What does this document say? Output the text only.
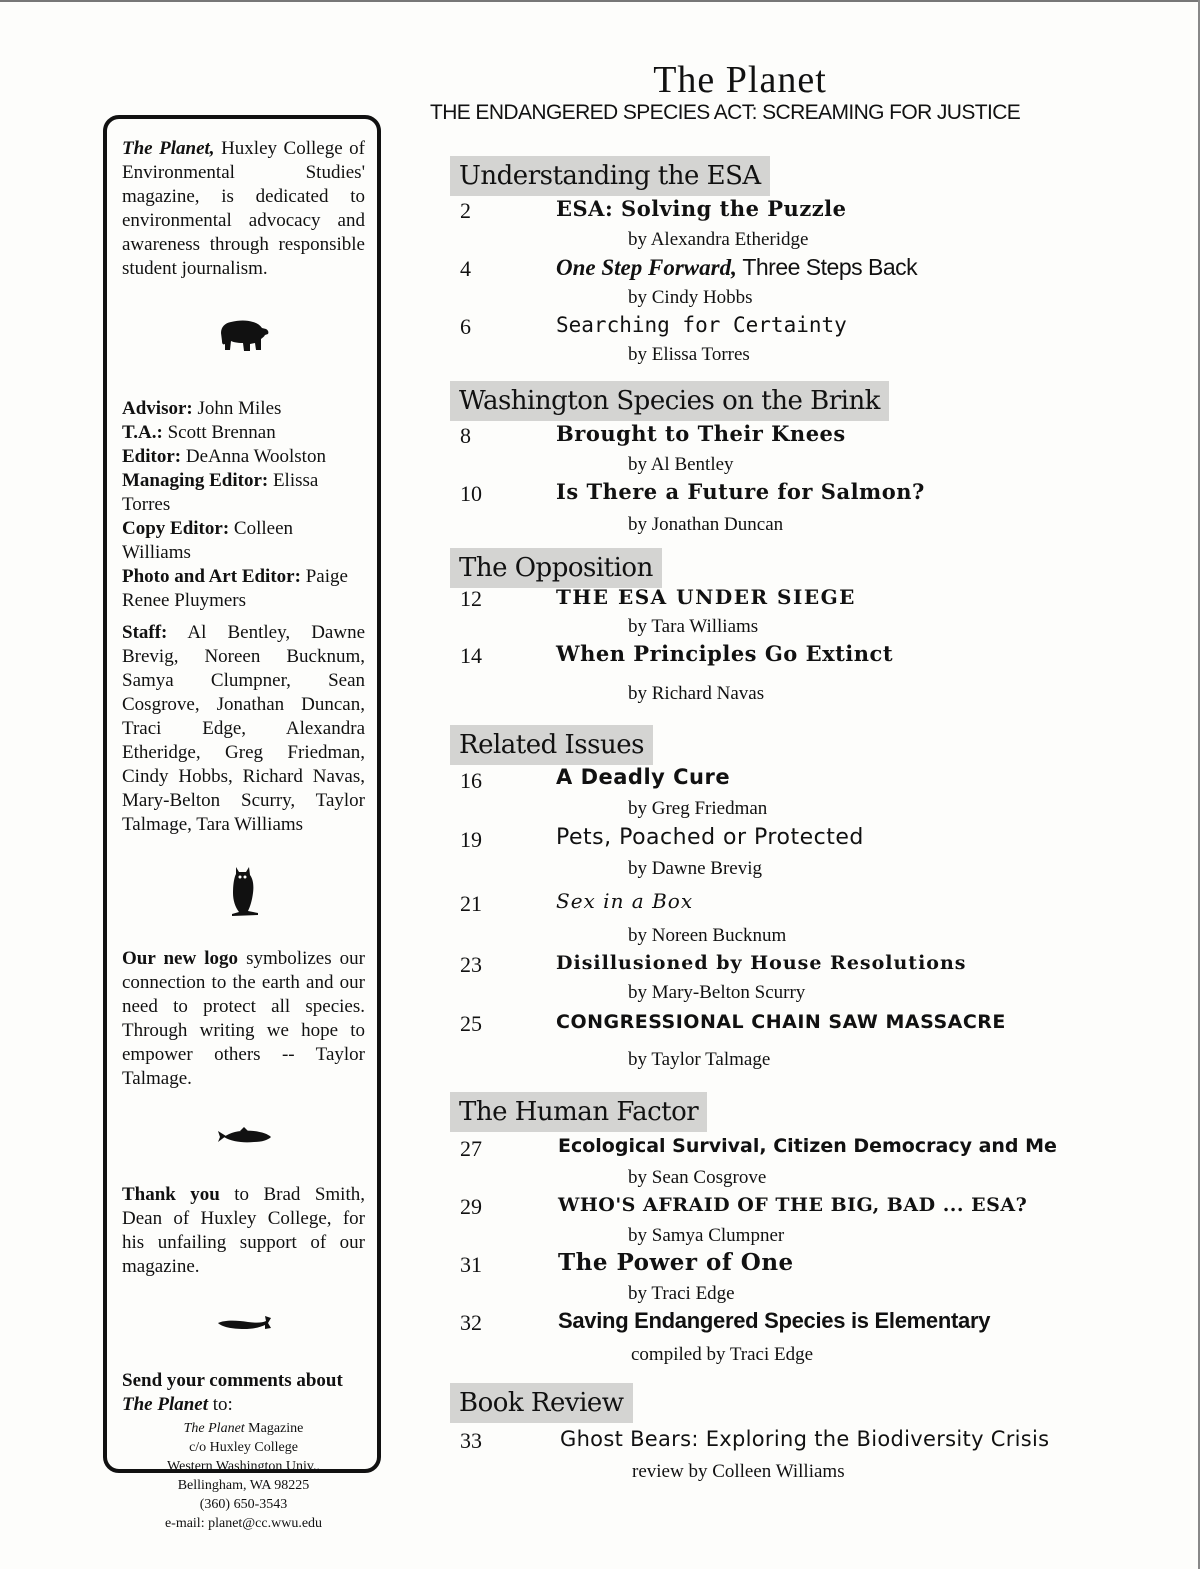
The Planet, Huxley College of Environmental Studies' magazine, is dedicated to environmental advocacy and awareness through responsible student journalism.

Advisor: John Miles

T.A.: Scott Brennan

Editor: DeAnna Woolston

Managing Editor: Elissa Torres

Copy Editor: Colleen Williams

Photo and Art Editor: Paige Renee Pluymers

Staff: Al Bentley, Dawne Brevig, Noreen Bucknum, Samya Clumpner, Sean Cosgrove, Jonathan Duncan, Traci Edge, Alexandra Etheridge, Greg Friedman, Cindy Hobbs, Richard Navas, Mary-Belton Scurry, Taylor Talmage, Tara Williams

Our new logo symbolizes our connection to the earth and our need to protect all species. Through writing we hope to empower others -- Taylor Talmage.

Thank you to Brad Smith, Dean of Huxley College, for his unfailing support of our magazine.

Send your comments about
The Planet to:

The Planet Magazine
c/o Huxley College
Western Washington Univ.,
Bellingham, WA 98225
(360) 650-3543
e-mail: planet@cc.wwu.edu
The Planet
THE ENDANGERED SPECIES ACT: SCREAMING FOR JUSTICE
Understanding the ESA
Washington Species on the Brink
The Opposition
Related Issues
The Human Factor
Book Review
2	ESA: Solving the Puzzle
by Alexandra Etheridge
4	One Step Forward, Three Steps Back
by Cindy Hobbs
6	Searching for Certainty
by Elissa Torres
8	Brought to Their Knees
by Al Bentley
10	Is There a Future for Salmon?
by Jonathan Duncan
12	THE ESA UNDER SIEGE
by Tara Williams
14	When Principles Go Extinct
by Richard Navas
16	A Deadly Cure
by Greg Friedman
19	Pets, Poached or Protected
by Dawne Brevig
21	Sex in a Box
by Noreen Bucknum
23	Disillusioned by House Resolutions
by Mary-Belton Scurry
25	CONGRESSIONAL CHAIN SAW MASSACRE
by Taylor Talmage
27	Ecological Survival, Citizen Democracy and Me
by Sean Cosgrove
29	WHO'S AFRAID OF THE BIG, BAD ... ESA?
by Samya Clumpner
31	The Power of One
by Traci Edge
32	Saving Endangered Species is Elementary
compiled by Traci Edge
33	Ghost Bears: Exploring the Biodiversity Crisis
review by Colleen Williams
